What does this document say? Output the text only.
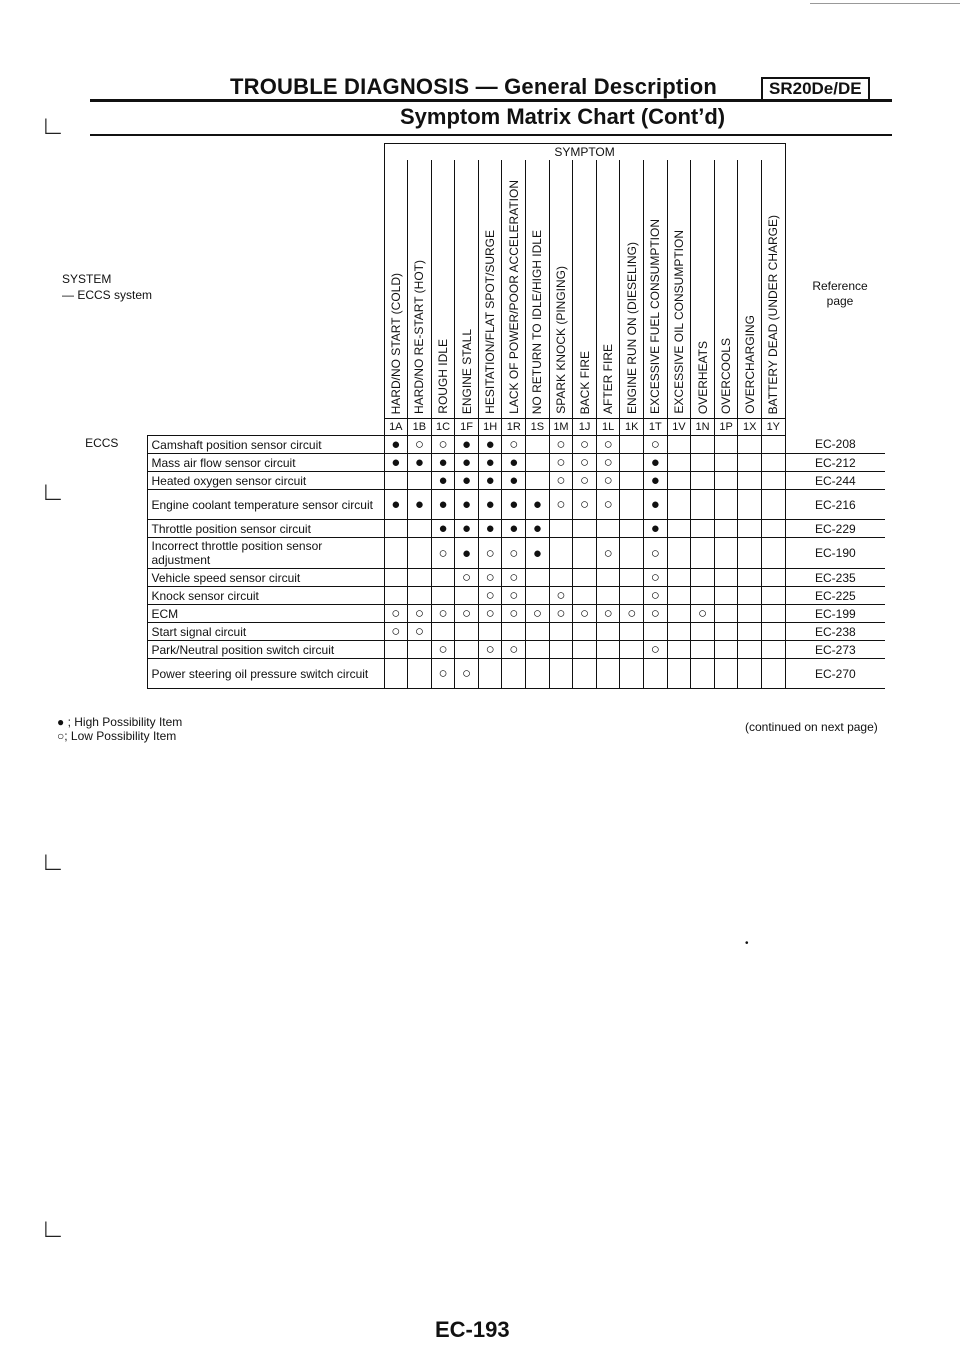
TROUBLE DIAGNOSIS — General Description	SR20De/DE
Symptom Matrix Chart (Cont’d)
∟
∟
∟
∟
SYSTEM
— ECCS system
Reference
page
		SYMPTOM																	

		HARD/NO START (COLD)	HARD/NO RE-START (HOT)	ROUGH IDLE	ENGINE STALL	HESITATION/FLAT SPOT/SURGE	LACK OF POWER/POOR ACCELERATION	NO RETURN TO IDLE/HIGH IDLE	SPARK KNOCK (PINGING)	BACK FIRE	AFTER FIRE	ENGINE RUN ON (DIESELING)	EXCESSIVE FUEL CONSUMPTION	EXCESSIVE OIL CONSUMPTION	OVERHEATS	OVERCOOLS	OVERCHARGING	BATTERY DEAD (UNDER CHARGE)	

		1A	1B	1C	1F	1H	1R	1S	1M	1J	1L	1K	1T	1V	1N	1P	1X	1Y	
ECCS	Camshaft position sensor circuit	●	○	○	●	●	○		○	○	○		○						EC-208
	Mass air flow sensor circuit	●	●	●	●	●	●		○	○	○		●						EC-212
	Heated oxygen sensor circuit			●	●	●	●		○	○	○		●						EC-244
	Engine coolant temperature sensor circuit	●	●	●	●	●	●	●	○	○	○		●						EC-216
	Throttle position sensor circuit			●	●	●	●	●					●						EC-229
	Incorrect throttle position sensor adjustment			○	●	○	○	●			○		○						EC-190
	Vehicle speed sensor circuit				○	○	○						○						EC-235
	Knock sensor circuit					○	○		○				○						EC-225
	ECM	○	○	○	○	○	○	○	○	○	○	○	○		○				EC-199
	Start signal circuit	○	○																EC-238
	Park/Neutral position switch circuit			○		○	○						○						EC-273
	Power steering oil pressure switch circuit			○	○														EC-270
● ; High Possibility Item
○; Low Possibility Item
(continued on next page)
•
EC-193
